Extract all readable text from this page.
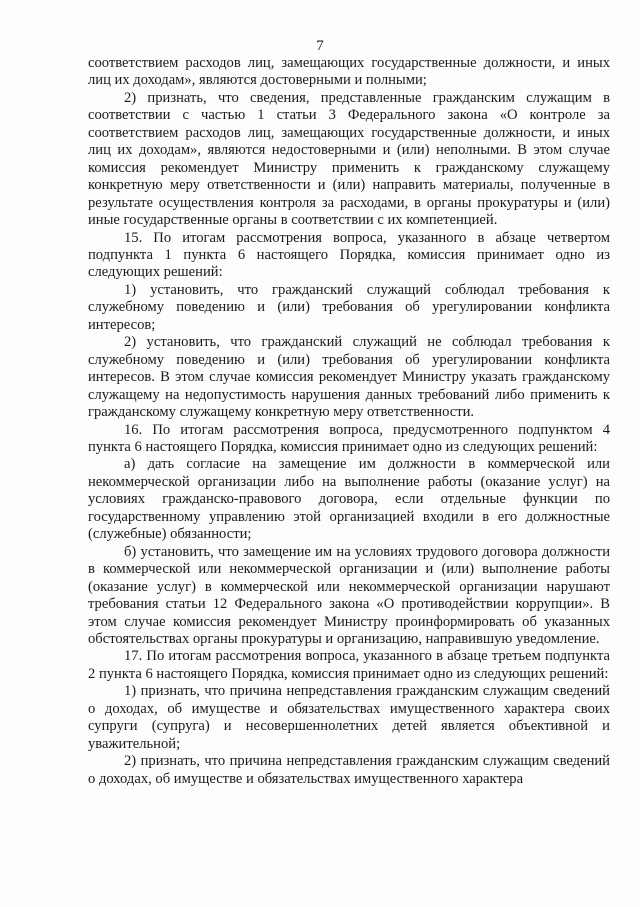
7

соответствием расходов лиц, замещающих государственные должности, и иных лиц их доходам», являются достоверными и полными;

2) признать, что сведения, представленные гражданским служащим в соответствии с частью 1 статьи 3 Федерального закона «О контроле за соответствием расходов лиц, замещающих государственные должности, и иных лиц их доходам», являются недостоверными и (или) неполными. В этом случае комиссия рекомендует Министру применить к гражданскому служащему конкретную меру ответственности и (или) направить материалы, полученные в результате осуществления контроля за расходами, в органы прокуратуры и (или) иные государственные органы в соответствии с их компетенцией.

15. По итогам рассмотрения вопроса, указанного в абзаце четвертом подпункта 1 пункта 6 настоящего Порядка, комиссия принимает одно из следующих решений:

1) установить, что гражданский служащий соблюдал требования к служебному поведению и (или) требования об урегулировании конфликта интересов;

2) установить, что гражданский служащий не соблюдал требования к служебному поведению и (или) требования об урегулировании конфликта интересов. В этом случае комиссия рекомендует Министру указать гражданскому служащему на недопустимость нарушения данных требований либо применить к гражданскому служащему конкретную меру ответственности.

16. По итогам рассмотрения вопроса, предусмотренного подпунктом 4 пункта 6 настоящего Порядка, комиссия принимает одно из следующих решений:

а) дать согласие на замещение им должности в коммерческой или некоммерческой организации либо на выполнение работы (оказание услуг) на условиях гражданско-правового договора, если отдельные функции по государственному управлению этой организацией входили в его должностные (служебные) обязанности;

б) установить, что замещение им на условиях трудового договора должности в коммерческой или некоммерческой организации и (или) выполнение работы (оказание услуг) в коммерческой или некоммерческой организации нарушают требования статьи 12 Федерального закона «О противодействии коррупции». В этом случае комиссия рекомендует Министру проинформировать об указанных обстоятельствах органы прокуратуры и организацию, направившую уведомление.

17. По итогам рассмотрения вопроса, указанного в абзаце третьем подпункта 2 пункта 6 настоящего Порядка, комиссия принимает одно из следующих решений:

1) признать, что причина непредставления гражданским служащим сведений о доходах, об имуществе и обязательствах имущественного характера своих супруги (супруга) и несовершеннолетних детей является объективной и уважительной;

2) признать, что причина непредставления гражданским служащим сведений о доходах, об имуществе и обязательствах имущественного характера
